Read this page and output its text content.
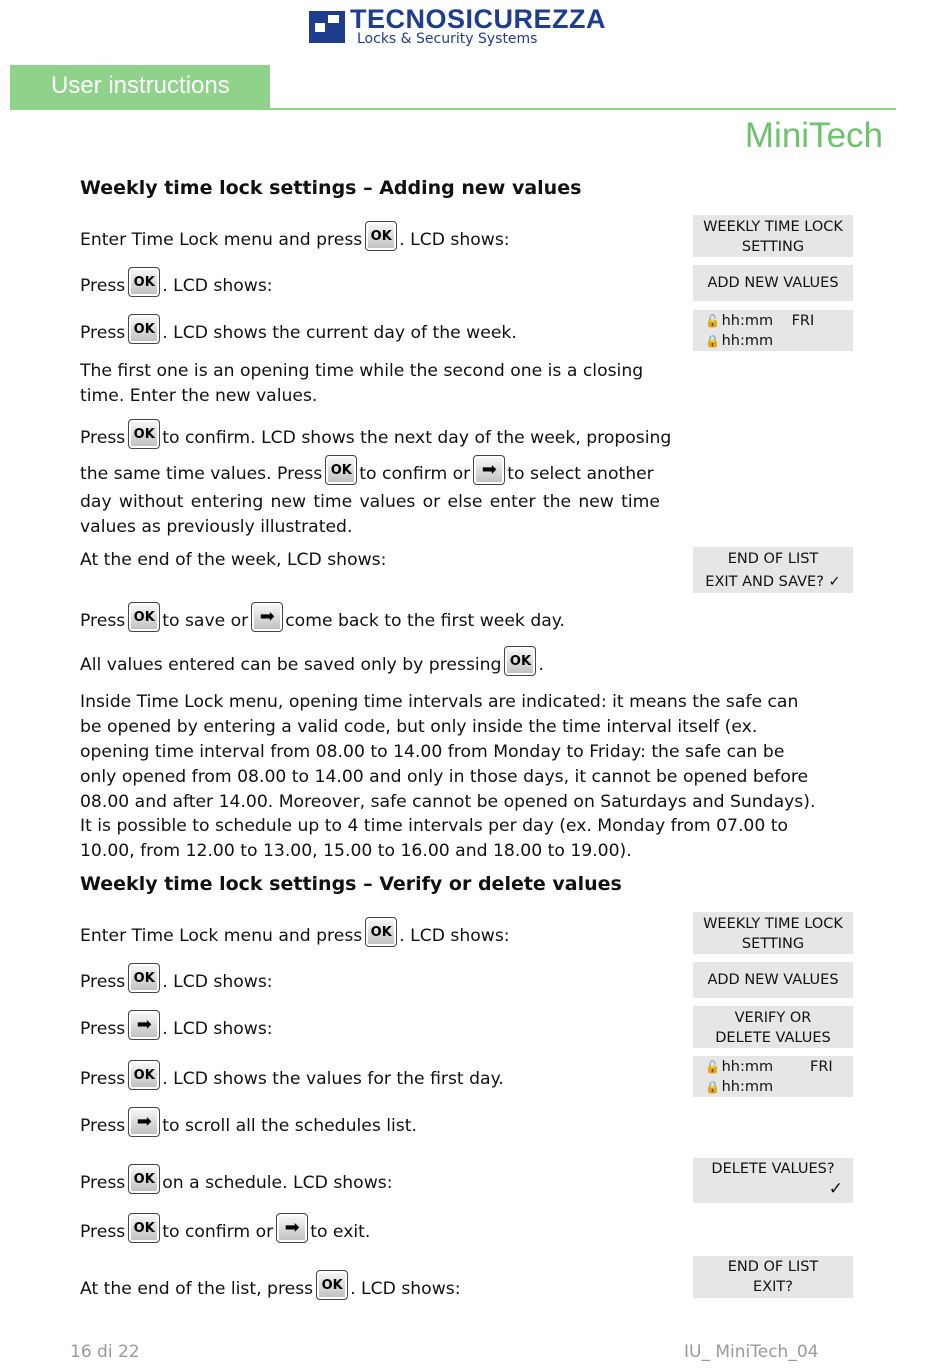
TECNOSICUREZZA
Locks & Security Systems
User instructions
MiniTech
Weekly time lock settings – Adding new values
Enter Time Lock menu and press OK . LCD shows:
Press OK . LCD shows:
Press OK . LCD shows the current day of the week.
The first one is an opening time while the second one is a closing time. Enter the new values.
Press OK to confirm. LCD shows the next day of the week, proposing
the same time values. Press OK to confirm or ➡ to select another
day without entering new time values or else enter the new time values as previously illustrated.
At the end of the week, LCD shows:
Press OK to save or ➡ come back to the first week day.
All values entered can be saved only by pressing OK .
Inside Time Lock menu, opening time intervals are indicated: it means the safe can be opened by entering a valid code, but only inside the time interval itself (ex. opening time interval from 08.00 to 14.00 from Monday to Friday: the safe can be only opened from 08.00 to 14.00 and only in those days, it cannot be opened before 08.00 and after 14.00. Moreover, safe cannot be opened on Saturdays and Sundays).
It is possible to schedule up to 4 time intervals per day (ex. Monday from 07.00 to 10.00, from 12.00 to 13.00, 15.00 to 16.00 and 18.00 to 19.00).
Weekly time lock settings – Verify or delete values
Enter Time Lock menu and press OK . LCD shows:
Press OK . LCD shows:
Press ➡ . LCD shows:
Press OK . LCD shows the values for the first day.
Press ➡ to scroll all the schedules list.
Press OK on a schedule. LCD shows:
Press OK to confirm or ➡ to exit.
At the end of the list, press OK . LCD shows:
WEEKLY TIME LOCK SETTING
ADD NEW VALUES
🔓 hh:mm FRI
🔒 hh:mm
END OF LIST
EXIT AND SAVE? ✓
WEEKLY TIME LOCK SETTING
ADD NEW VALUES
VERIFY OR DELETE VALUES
🔓 hh:mm	FRI
🔒 hh:mm
DELETE VALUES?
✓
END OF LIST
EXIT?
16 di 22	IU_ MiniTech_04
